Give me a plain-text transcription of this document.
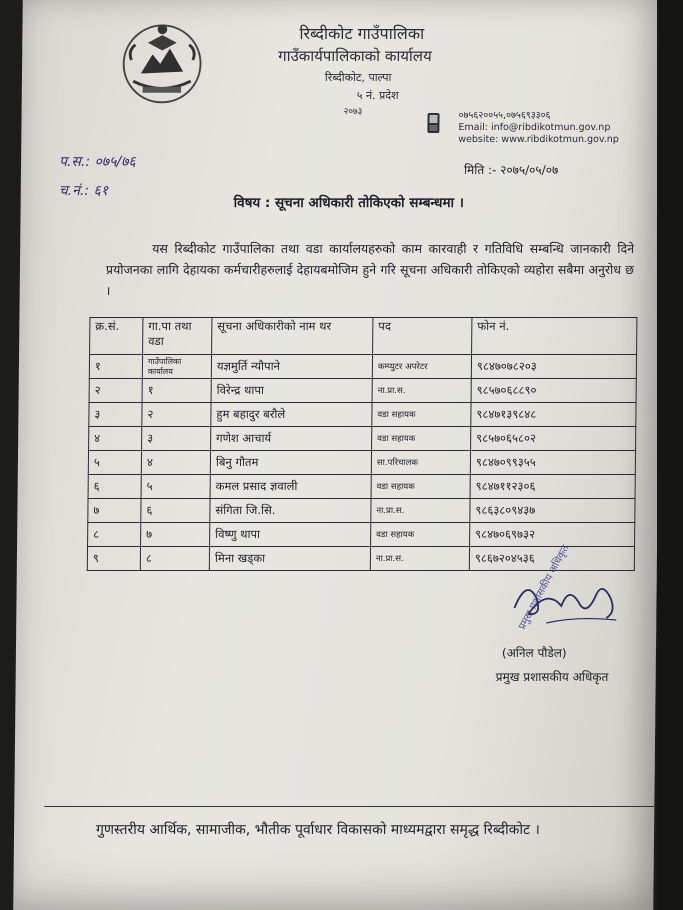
रिब्दीकोट गाउँपालिका
गाउँकार्यपालिकाको कार्यालय
रिब्दीकोट, पाल्पा
५ नं. प्रदेश
२०७३	०७५६२००५५,०७५६९३३०६
Email: info@ribdikotmun.gov.np
website: www.ribdikotmun.gov.np
प.स.: ०७५/७६
च.नं.: ६१
मिति :- २०७५/०५/०७
विषय : सूचना अधिकारी तोकिएको सम्बन्धमा ।
यस रिब्दीकोट गाउँपालिका तथा वडा कार्यालयहरुको काम कारवाही र गतिविधि सम्बन्धि जानकारी दिने प्रयोजनका लागि देहायका कर्मचारीहरुलाई देहायबमोजिम हुने गरि सूचना अधिकारी तोकिएको व्यहोरा सबैमा अनुरोध छ ।
क्र.सं.	गा.पा तथा वडा	सूचना अधिकारीको नाम थर	पद	फोन नं.
१	गाउँपालिका कार्यालय	यज्ञमुर्ति न्यौपाने	कम्प्युटर अपरेटर	९८४७०७८२०३
२	१	विरेन्द्र थापा	ना.प्रा.स.	९८५७०६८८९०
३	२	हुम बहादुर बरौले	वडा सहायक	९८४७१३९८४८
४	३	गणेश आचार्य	वडा सहायक	९८५७०६५८०२
५	४	बिनु गौतम	सा.परिचालक	९८४७०९९३५५
६	५	कमल प्रसाद ज्ञवाली	वडा सहायक	९८४७११२३०६
७	६	संगिता जि.सि.	ना.प्रा.स.	९८६३८०९४३७
८	७	विष्णु थापा	वडा सहायक	९८४७०६९७३२
९	८	मिना खड्का	ना.प्रा.स.	९८६७२०४५३६
प्रमुख प्रशासकीय अधिकृत
(अनिल पौडेल)
प्रमुख प्रशासकीय अधिकृत
गुणस्तरीय आर्थिक, सामाजीक, भौतीक पूर्वाधार विकासको माध्यमद्वारा समृद्ध रिब्दीकोट ।
